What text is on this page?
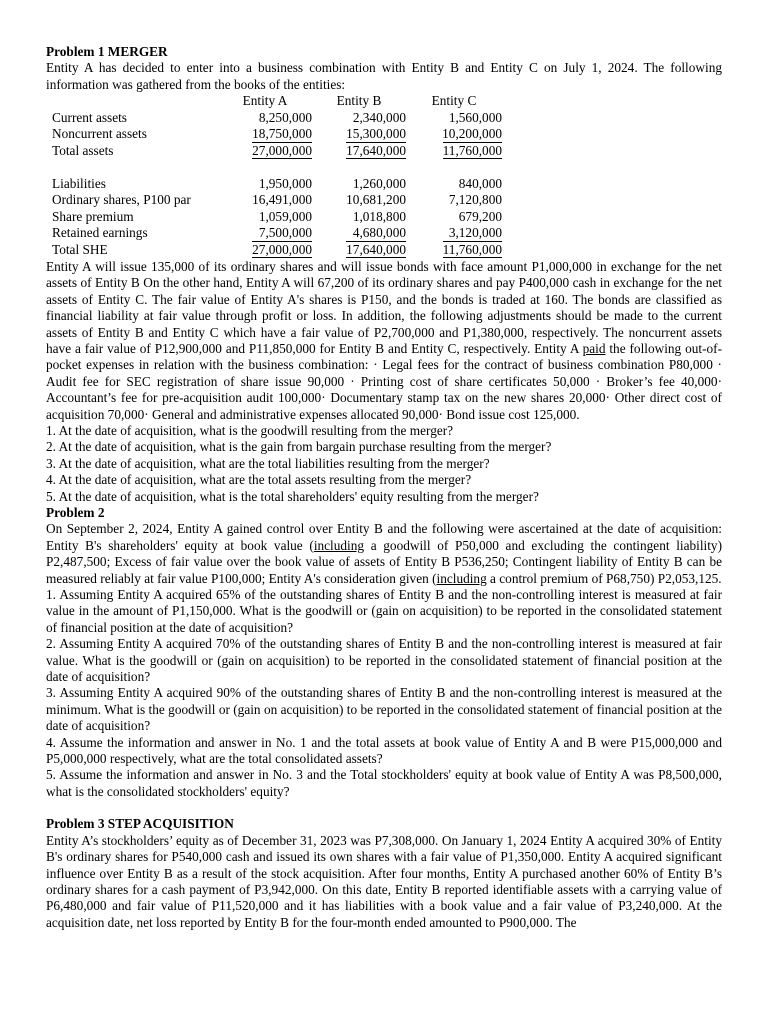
Problem 1 MERGER

Entity A has decided to enter into a business combination with Entity B and Entity C on July 1, 2024. The following information was gathered from the books of the entities:

	Entity A	Entity B	Entity C
Current assets	8,250,000	2,340,000	1,560,000
Noncurrent assets	18,750,000	15,300,000	10,200,000
Total assets	27,000,000	17,640,000	11,760,000

Liabilities	1,950,000	1,260,000	840,000
Ordinary shares, P100 par	16,491,000	10,681,200	7,120,800
Share premium	1,059,000	1,018,800	679,200
Retained earnings	7,500,000	4,680,000	3,120,000
Total SHE	27,000,000	17,640,000	11,760,000

Entity A will issue 135,000 of its ordinary shares and will issue bonds with face amount P1,000,000 in exchange for the net assets of Entity B On the other hand, Entity A will 67,200 of its ordinary shares and pay P400,000 cash in exchange for the net assets of Entity C. The fair value of Entity A's shares is P150, and the bonds is traded at 160. The bonds are classified as financial liability at fair value through profit or loss. In addition, the following adjustments should be made to the current assets of Entity B and Entity C which have a fair value of P2,700,000 and P1,380,000, respectively. The noncurrent assets have a fair value of P12,900,000 and P11,850,000 for Entity B and Entity C, respectively. Entity A paid the following out-of-pocket expenses in relation with the business combination: · Legal fees for the contract of business combination P80,000 · Audit fee for SEC registration of share issue 90,000 · Printing cost of share certificates 50,000 · Broker’s fee 40,000· Accountant’s fee for pre-acquisition audit 100,000· Documentary stamp tax on the new shares 20,000· Other direct cost of acquisition 70,000· General and administrative expenses allocated 90,000· Bond issue cost 125,000.

1. At the date of acquisition, what is the goodwill resulting from the merger?

2. At the date of acquisition, what is the gain from bargain purchase resulting from the merger?

3. At the date of acquisition, what are the total liabilities resulting from the merger?

4. At the date of acquisition, what are the total assets resulting from the merger?

5. At the date of acquisition, what is the total shareholders' equity resulting from the merger?

Problem 2

On September 2, 2024, Entity A gained control over Entity B and the following were ascertained at the date of acquisition: Entity B's shareholders' equity at book value (including a goodwill of P50,000 and excluding the contingent liability) P2,487,500; Excess of fair value over the book value of assets of Entity B P536,250; Contingent liability of Entity B can be measured reliably at fair value P100,000; Entity A's consideration given (including a control premium of P68,750) P2,053,125.

1. Assuming Entity A acquired 65% of the outstanding shares of Entity B and the non-controlling interest is measured at fair value in the amount of P1,150,000. What is the goodwill or (gain on acquisition) to be reported in the consolidated statement of financial position at the date of acquisition?

2. Assuming Entity A acquired 70% of the outstanding shares of Entity B and the non-controlling interest is measured at fair value. What is the goodwill or (gain on acquisition) to be reported in the consolidated statement of financial position at the date of acquisition?

3. Assuming Entity A acquired 90% of the outstanding shares of Entity B and the non-controlling interest is measured at the minimum. What is the goodwill or (gain on acquisition) to be reported in the consolidated statement of financial position at the date of acquisition?

4. Assume the information and answer in No. 1 and the total assets at book value of Entity A and B were P15,000,000 and P5,000,000 respectively, what are the total consolidated assets?

5. Assume the information and answer in No. 3 and the Total stockholders' equity at book value of Entity A was P8,500,000, what is the consolidated stockholders' equity?

Problem 3 STEP ACQUISITION

Entity A’s stockholders’ equity as of December 31, 2023 was P7,308,000. On January 1, 2024 Entity A acquired 30% of Entity B's ordinary shares for P540,000 cash and issued its own shares with a fair value of P1,350,000. Entity A acquired significant influence over Entity B as a result of the stock acquisition. After four months, Entity A purchased another 60% of Entity B’s ordinary shares for a cash payment of P3,942,000. On this date, Entity B reported identifiable assets with a carrying value of P6,480,000 and fair value of P11,520,000 and it has liabilities with a book value and a fair value of P3,240,000. At the acquisition date, net loss reported by Entity B for the four-month ended amounted to P900,000. The
